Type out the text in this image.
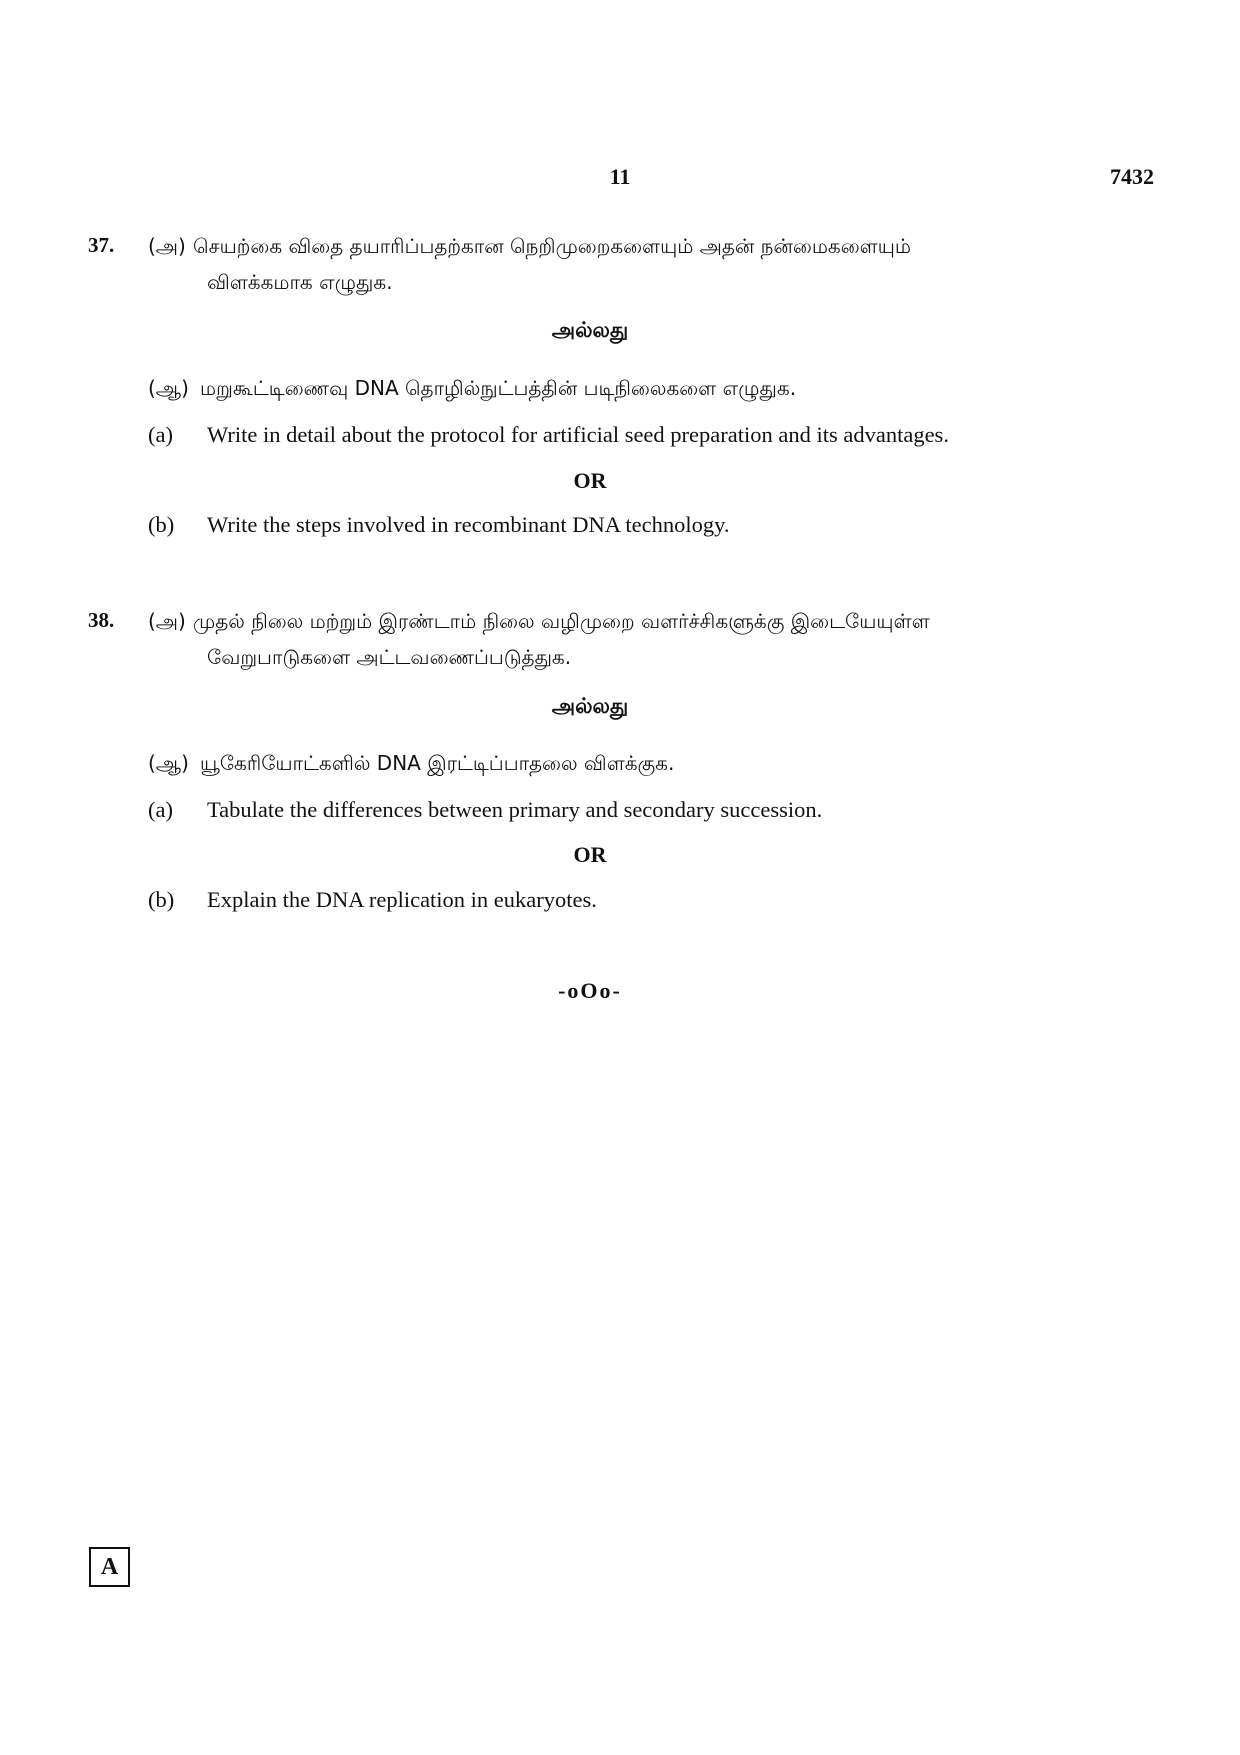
11	7432
37. (அ) செயற்கை விதை தயாரிப்பதற்கான நெறிமுறைகளையும் அதன் நன்மைகளையும்
விளக்கமாக எழுதுக.
அல்லது
(ஆ) மறுகூட்டிணைவு DNA தொழில்நுட்பத்தின் படிநிலைகளை எழுதுக.
(a) Write in detail about the protocol for artificial seed preparation and its advantages.
OR
(b) Write the steps involved in recombinant DNA technology.
38. (அ) முதல் நிலை மற்றும் இரண்டாம் நிலை வழிமுறை வளர்ச்சிகளுக்கு இடையேயுள்ள
வேறுபாடுகளை அட்டவணைப்படுத்துக.
அல்லது
(ஆ) யூகேரியோட்களில் DNA இரட்டிப்பாதலை விளக்குக.
(a) Tabulate the differences between primary and secondary succession.
OR
(b) Explain the DNA replication in eukaryotes.
-oOo-
A
